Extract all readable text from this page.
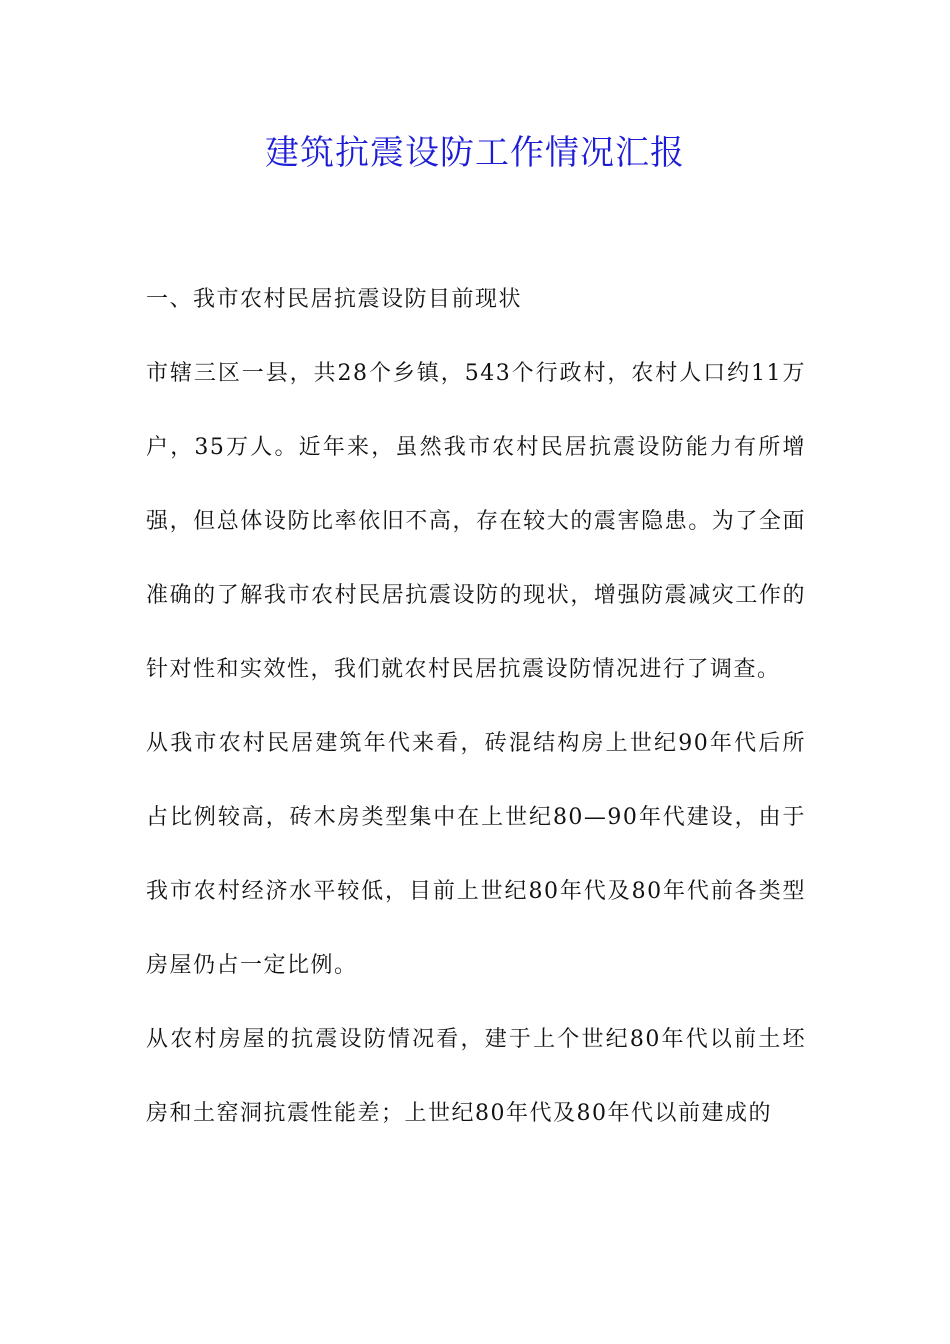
建筑抗震设防工作情况汇报

一、我市农村民居抗震设防目前现状

市辖三区一县，共28个乡镇，543个行政村，农村人口约11万户，35万人。近年来，虽然我市农村民居抗震设防能力有所增强，但总体设防比率依旧不高，存在较大的震害隐患。为了全面准确的了解我市农村民居抗震设防的现状，增强防震减灾工作的针对性和实效性，我们就农村民居抗震设防情况进行了调查。

从我市农村民居建筑年代来看，砖混结构房上世纪90年代后所占比例较高，砖木房类型集中在上世纪80—90年代建设，由于我市农村经济水平较低，目前上世纪80年代及80年代前各类型房屋仍占一定比例。

从农村房屋的抗震设防情况看，建于上个世纪80年代以前土坯房和土窑洞抗震性能差；上世纪80年代及80年代以前建成的
